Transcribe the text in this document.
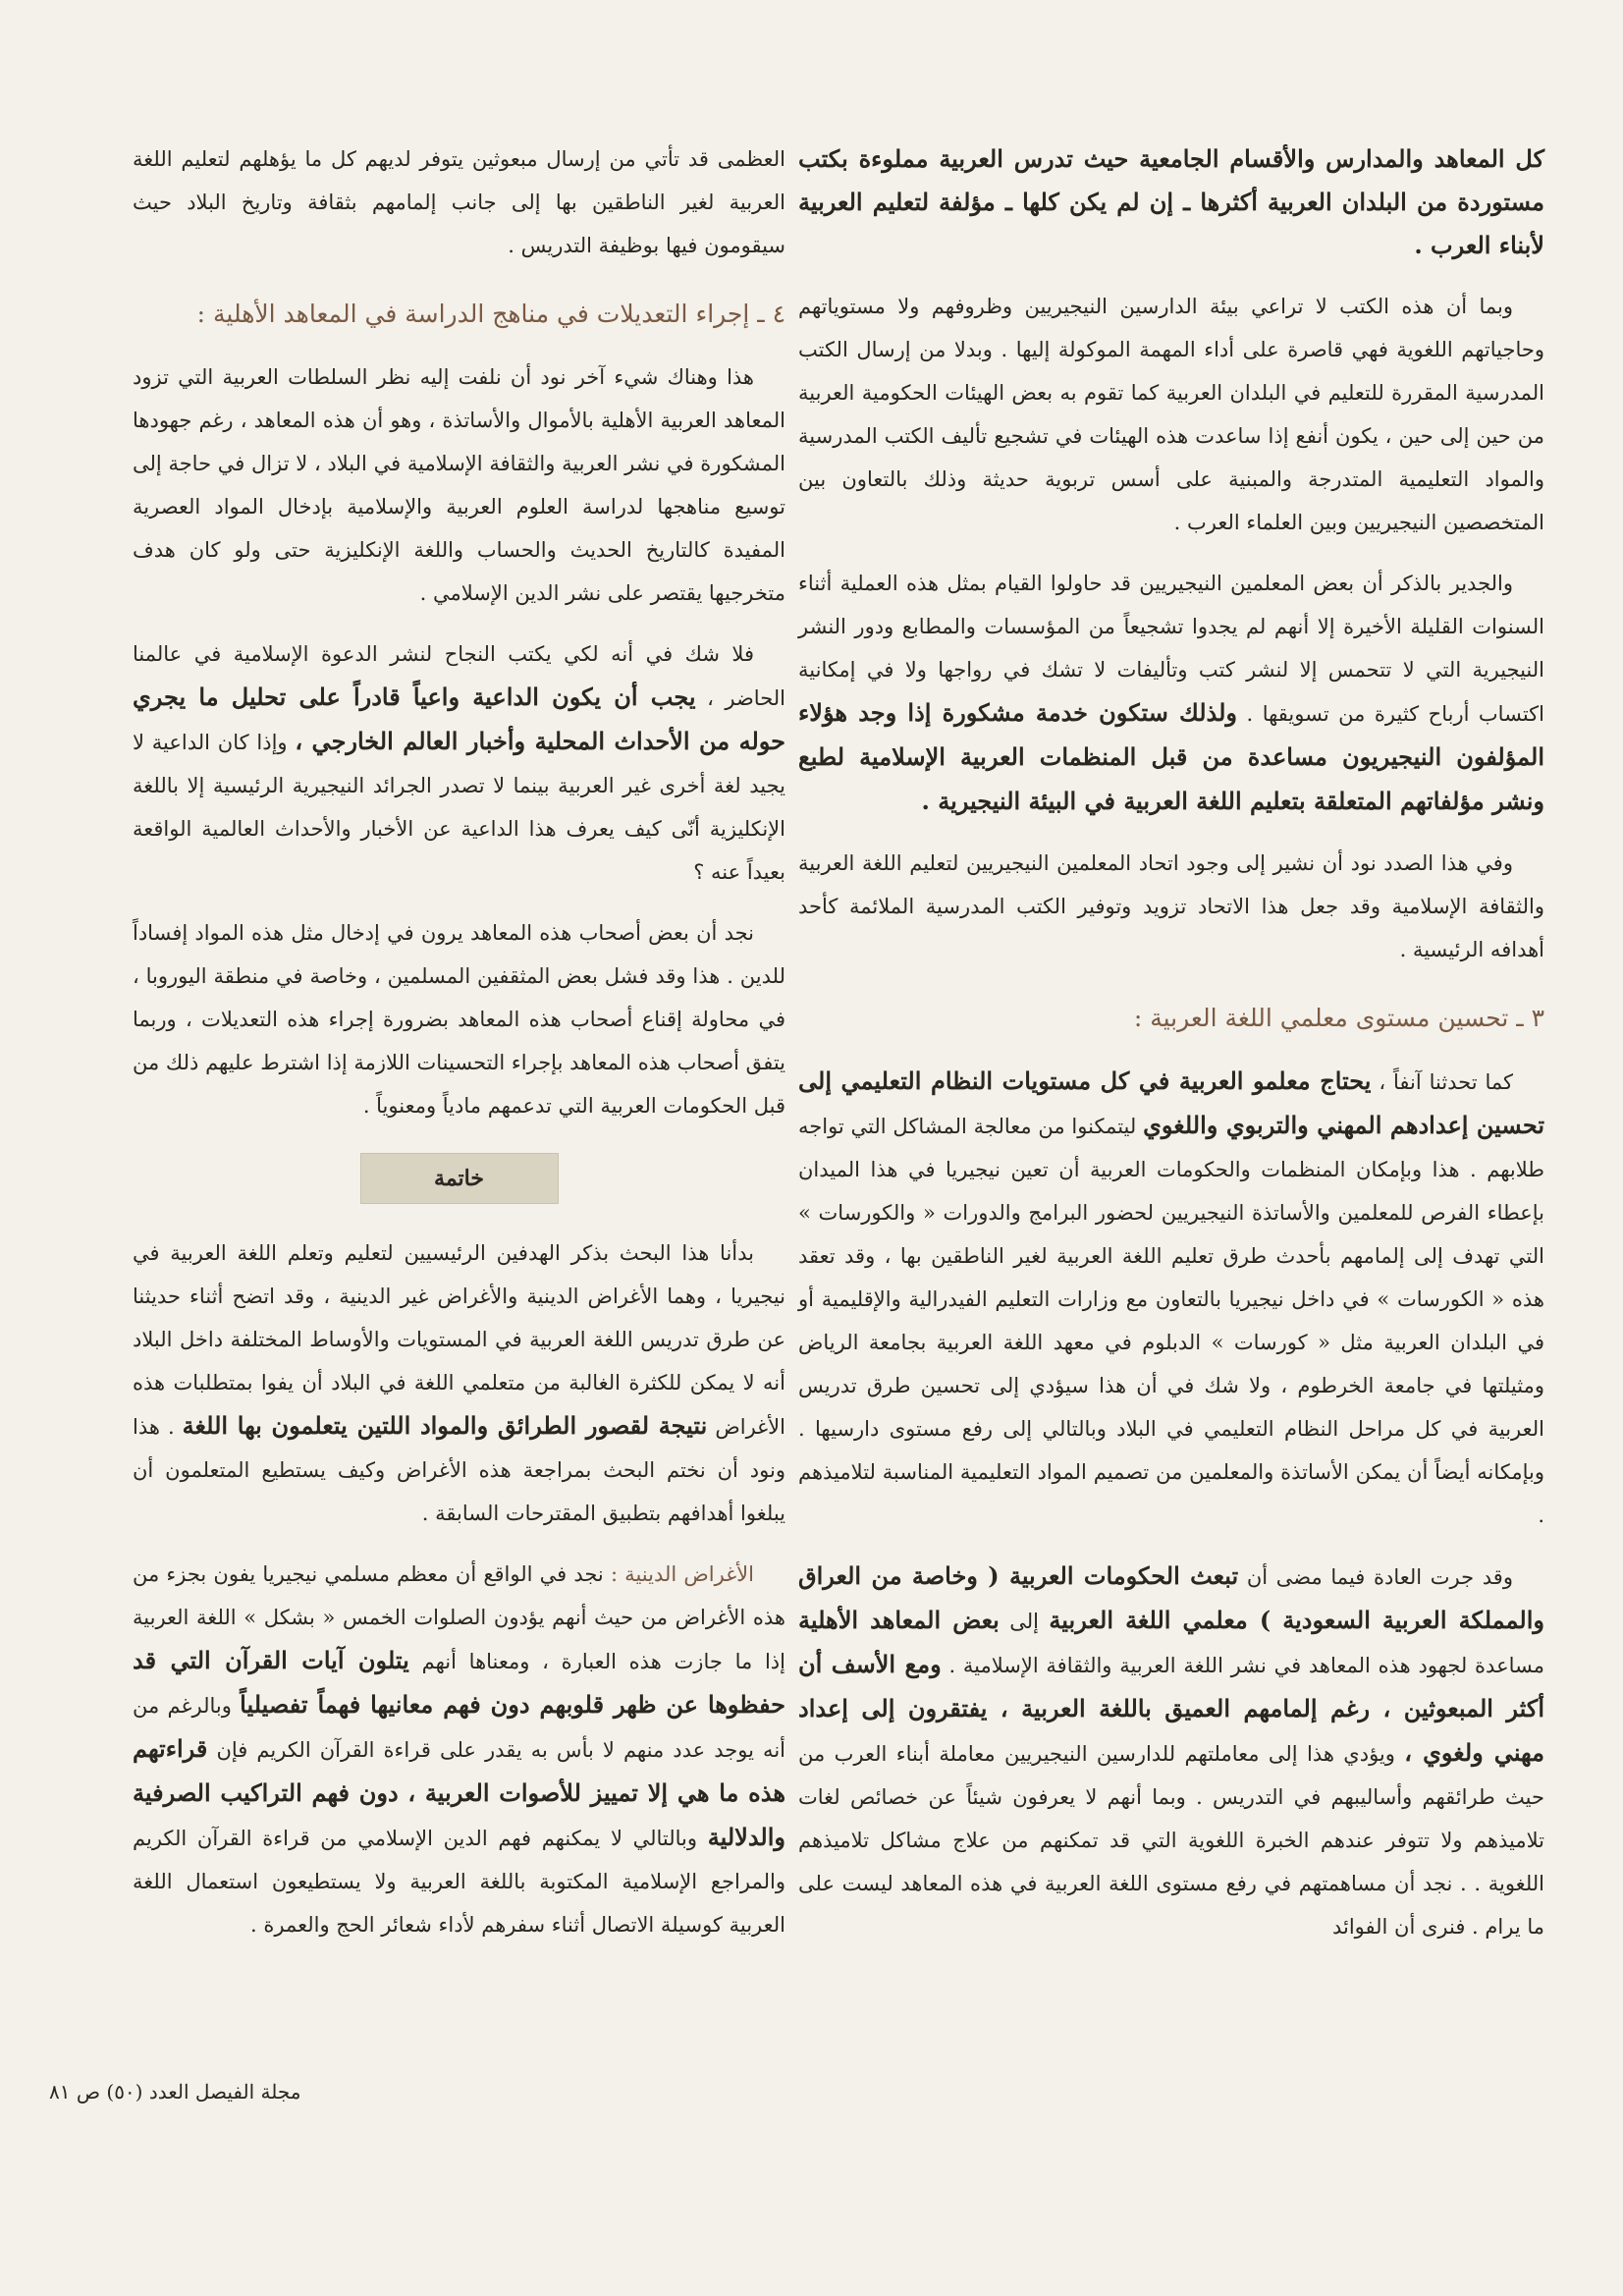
كل المعاهد والمدارس والأقسام الجامعية حيث تدرس العربية مملوءة بكتب مستوردة من البلدان العربية أكثرها ـ إن لم يكن كلها ـ مؤلفة لتعليم العربية لأبناء العرب .

وبما أن هذه الكتب لا تراعي بيئة الدارسين النيجيريين وظروفهم ولا مستوياتهم وحاجياتهم اللغوية فهي قاصرة على أداء المهمة الموكولة إليها . وبدلا من إرسال الكتب المدرسية المقررة للتعليم في البلدان العربية كما تقوم به بعض الهيئات الحكومية العربية من حين إلى حين ، يكون أنفع إذا ساعدت هذه الهيئات في تشجيع تأليف الكتب المدرسية والمواد التعليمية المتدرجة والمبنية على أسس تربوية حديثة وذلك بالتعاون بين المتخصصين النيجيريين وبين العلماء العرب .

والجدير بالذكر أن بعض المعلمين النيجيريين قد حاولوا القيام بمثل هذه العملية أثناء السنوات القليلة الأخيرة إلا أنهم لم يجدوا تشجيعاً من المؤسسات والمطابع ودور النشر النيجيرية التي لا تتحمس إلا لنشر كتب وتأليفات لا تشك في رواجها ولا في إمكانية اكتساب أرباح كثيرة من تسويقها . ولذلك ستكون خدمة مشكورة إذا وجد هؤلاء المؤلفون النيجيريون مساعدة من قبل المنظمات العربية الإسلامية لطبع ونشر مؤلفاتهم المتعلقة بتعليم اللغة العربية في البيئة النيجيرية .

وفي هذا الصدد نود أن نشير إلى وجود اتحاد المعلمين النيجيريين لتعليم اللغة العربية والثقافة الإسلامية وقد جعل هذا الاتحاد تزويد وتوفير الكتب المدرسية الملائمة كأحد أهدافه الرئيسية .

٣ ـ تحسين مستوى معلمي اللغة العربية :

كما تحدثنا آنفاً ، يحتاج معلمو العربية في كل مستويات النظام التعليمي إلى تحسين إعدادهم المهني والتربوي واللغوي ليتمكنوا من معالجة المشاكل التي تواجه طلابهم . هذا وبإمكان المنظمات والحكومات العربية أن تعين نيجيريا في هذا الميدان بإعطاء الفرص للمعلمين والأساتذة النيجيريين لحضور البرامج والدورات « والكورسات » التي تهدف إلى إلمامهم بأحدث طرق تعليم اللغة العربية لغير الناطقين بها ، وقد تعقد هذه « الكورسات » في داخل نيجيريا بالتعاون مع وزارات التعليم الفيدرالية والإقليمية أو في البلدان العربية مثل « كورسات » الدبلوم في معهد اللغة العربية بجامعة الرياض ومثيلتها في جامعة الخرطوم ، ولا شك في أن هذا سيؤدي إلى تحسين طرق تدريس العربية في كل مراحل النظام التعليمي في البلاد وبالتالي إلى رفع مستوى دارسيها . وبإمكانه أيضاً أن يمكن الأساتذة والمعلمين من تصميم المواد التعليمية المناسبة لتلاميذهم .

وقد جرت العادة فيما مضى أن تبعث الحكومات العربية ( وخاصة من العراق والمملكة العربية السعودية ) معلمي اللغة العربية إلى بعض المعاهد الأهلية مساعدة لجهود هذه المعاهد في نشر اللغة العربية والثقافة الإسلامية . ومع الأسف أن أكثر المبعوثين ، رغم إلمامهم العميق باللغة العربية ، يفتقرون إلى إعداد مهني ولغوي ، ويؤدي هذا إلى معاملتهم للدارسين النيجيريين معاملة أبناء العرب من حيث طرائقهم وأساليبهم في التدريس . وبما أنهم لا يعرفون شيئاً عن خصائص لغات تلاميذهم ولا تتوفر عندهم الخبرة اللغوية التي قد تمكنهم من علاج مشاكل تلاميذهم اللغوية . . نجد أن مساهمتهم في رفع مستوى اللغة العربية في هذه المعاهد ليست على ما يرام . فنرى أن الفوائد

العظمى قد تأتي من إرسال مبعوثين يتوفر لديهم كل ما يؤهلهم لتعليم اللغة العربية لغير الناطقين بها إلى جانب إلمامهم بثقافة وتاريخ البلاد حيث سيقومون فيها بوظيفة التدريس .

٤ ـ إجراء التعديلات في مناهج الدراسة في المعاهد الأهلية :

هذا وهناك شيء آخر نود أن نلفت إليه نظر السلطات العربية التي تزود المعاهد العربية الأهلية بالأموال والأساتذة ، وهو أن هذه المعاهد ، رغم جهودها المشكورة في نشر العربية والثقافة الإسلامية في البلاد ، لا تزال في حاجة إلى توسيع مناهجها لدراسة العلوم العربية والإسلامية بإدخال المواد العصرية المفيدة كالتاريخ الحديث والحساب واللغة الإنكليزية حتى ولو كان هدف متخرجيها يقتصر على نشر الدين الإسلامي .

فلا شك في أنه لكي يكتب النجاح لنشر الدعوة الإسلامية في عالمنا الحاضر ، يجب أن يكون الداعية واعياً قادراً على تحليل ما يجري حوله من الأحداث المحلية وأخبار العالم الخارجي ، وإذا كان الداعية لا يجيد لغة أخرى غير العربية بينما لا تصدر الجرائد النيجيرية الرئيسية إلا باللغة الإنكليزية أنّى كيف يعرف هذا الداعية عن الأخبار والأحداث العالمية الواقعة بعيداً عنه ؟

نجد أن بعض أصحاب هذه المعاهد يرون في إدخال مثل هذه المواد إفساداً للدين . هذا وقد فشل بعض المثقفين المسلمين ، وخاصة في منطقة اليوروبا ، في محاولة إقناع أصحاب هذه المعاهد بضرورة إجراء هذه التعديلات ، وربما يتفق أصحاب هذه المعاهد بإجراء التحسينات اللازمة إذا اشترط عليهم ذلك من قبل الحكومات العربية التي تدعمهم مادياً ومعنوياً .

خاتمة

بدأنا هذا البحث بذكر الهدفين الرئيسيين لتعليم وتعلم اللغة العربية في نيجيريا ، وهما الأغراض الدينية والأغراض غير الدينية ، وقد اتضح أثناء حديثنا عن طرق تدريس اللغة العربية في المستويات والأوساط المختلفة داخل البلاد أنه لا يمكن للكثرة الغالبة من متعلمي اللغة في البلاد أن يفوا بمتطلبات هذه الأغراض نتيجة لقصور الطرائق والمواد اللتين يتعلمون بها اللغة . هذا ونود أن نختم البحث بمراجعة هذه الأغراض وكيف يستطيع المتعلمون أن يبلغوا أهدافهم بتطبيق المقترحات السابقة .

الأغراض الدينية : نجد في الواقع أن معظم مسلمي نيجيريا يفون بجزء من هذه الأغراض من حيث أنهم يؤدون الصلوات الخمس « بشكل » اللغة العربية إذا ما جازت هذه العبارة ، ومعناها أنهم يتلون آيات القرآن التي قد حفظوها عن ظهر قلوبهم دون فهم معانيها فهماً تفصيلياً وبالرغم من أنه يوجد عدد منهم لا بأس به يقدر على قراءة القرآن الكريم فإن قراءتهم هذه ما هي إلا تمييز للأصوات العربية ، دون فهم التراكيب الصرفية والدلالية وبالتالي لا يمكنهم فهم الدين الإسلامي من قراءة القرآن الكريم والمراجع الإسلامية المكتوبة باللغة العربية ولا يستطيعون استعمال اللغة العربية كوسيلة الاتصال أثناء سفرهم لأداء شعائر الحج والعمرة .

مجلة الفيصل العدد (٥٠) ص ٨١
